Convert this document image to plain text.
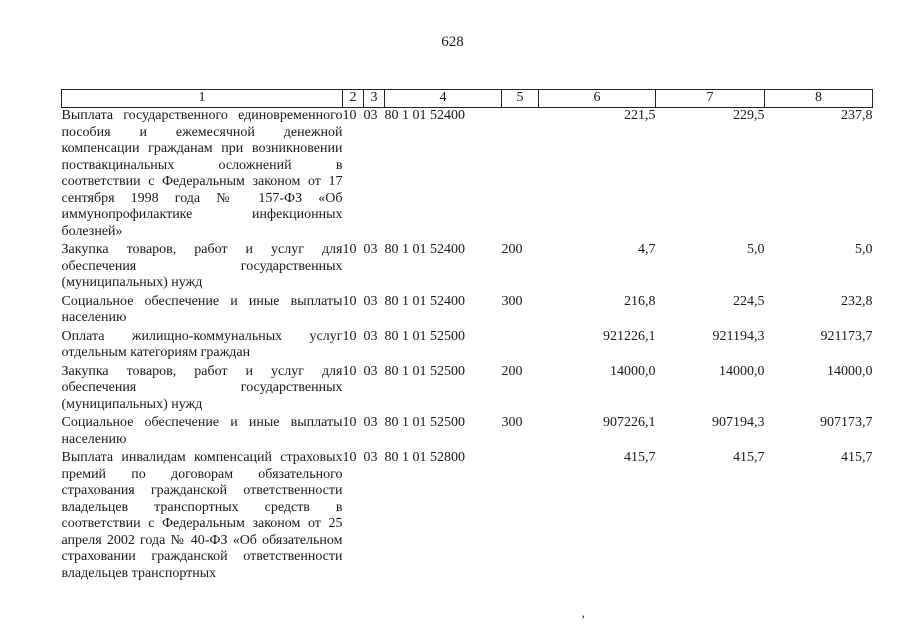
628
1	2	3	4	5	6	7	8
Выплата государственного единовременного пособия и ежемесячной денежной компенсации гражданам при возникновении поствакцинальных осложнений в соответствии с Федеральным законом от 17 сентября 1998 года № 157-ФЗ «Об иммунопрофилактике инфекционных болезней»	10	03	80 1 01 52400		221,5	229,5	237,8
Закупка товаров, работ и услуг для обеспечения государственных (муниципальных) нужд	10	03	80 1 01 52400	200	4,7	5,0	5,0
Социальное обеспечение и иные выплаты населению	10	03	80 1 01 52400	300	216,8	224,5	232,8
Оплата жилищно-коммунальных услуг отдельным категориям граждан	10	03	80 1 01 52500		921226,1	921194,3	921173,7
Закупка товаров, работ и услуг для обеспечения государственных (муниципальных) нужд	10	03	80 1 01 52500	200	14000,0	14000,0	14000,0
Социальное обеспечение и иные выплаты населению	10	03	80 1 01 52500	300	907226,1	907194,3	907173,7
Выплата инвалидам компенсаций страховых премий по договорам обязательного страхования гражданской ответственности владельцев транспортных средств в соответствии с Федеральным законом от 25 апреля 2002 года № 40-ФЗ «Об обязательном страховании гражданской ответственности владельцев транспортных	10	03	80 1 01 52800		415,7	415,7	415,7
’
